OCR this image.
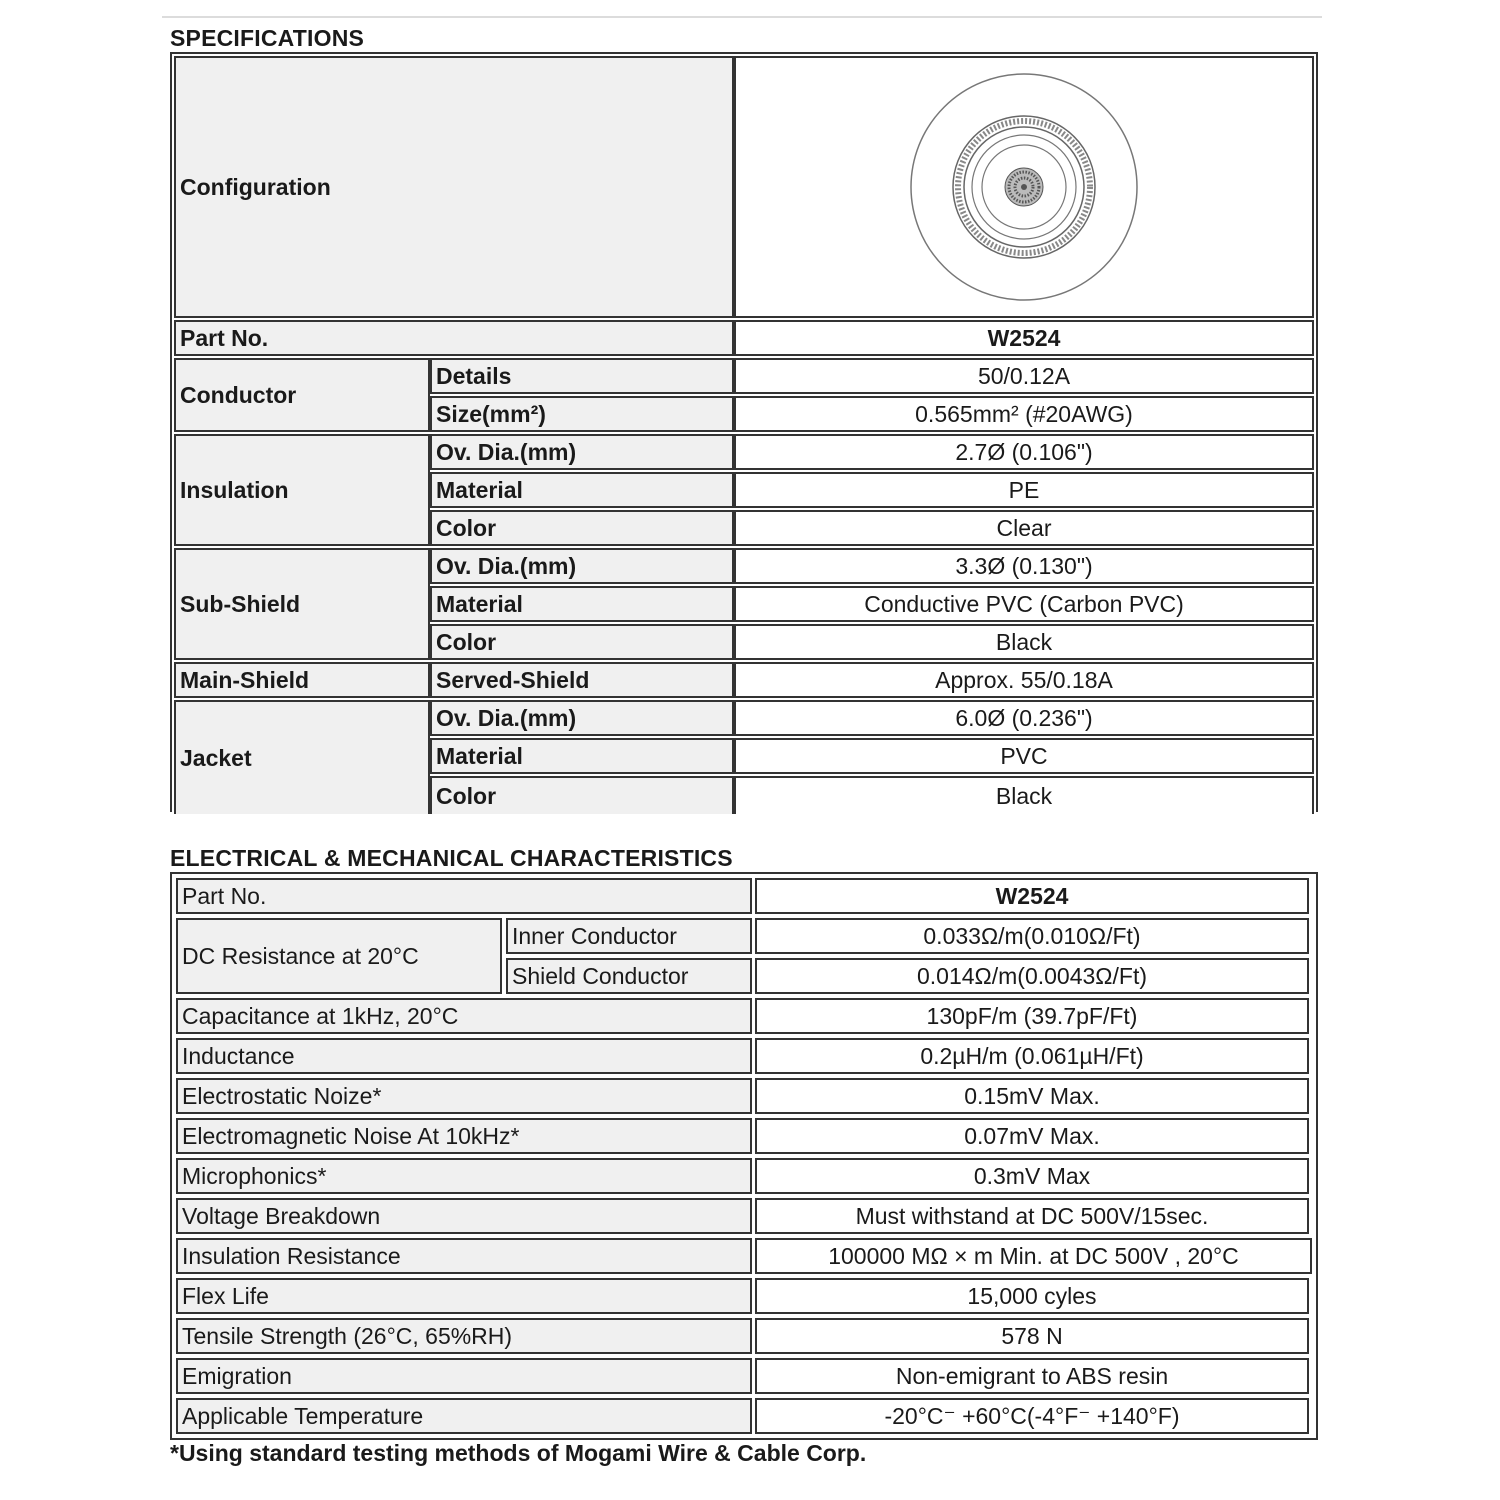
SPECIFICATIONS
Configuration
Part No.	W2524
Conductor
Details	50/0.12A
Size(mm²)	0.565mm² (#20AWG)
Insulation
Ov. Dia.(mm)	2.7Ø (0.106")
Material	PE
Color	Clear
Sub-Shield
Ov. Dia.(mm)	3.3Ø (0.130")
Material	Conductive PVC (Carbon PVC)
Color	Black
Main-Shield	Served-Shield	Approx. 55/0.18A
Jacket
Ov. Dia.(mm)	6.0Ø (0.236")
Material	PVC
Color	Black
ELECTRICAL & MECHANICAL CHARACTERISTICS
Part No.	W2524
DC Resistance at 20°C
Inner Conductor	0.033Ω/m(0.010Ω/Ft)
Shield Conductor	0.014Ω/m(0.0043Ω/Ft)
Capacitance at 1kHz, 20°C	130pF/m (39.7pF/Ft)
Inductance	0.2µH/m (0.061µH/Ft)
Electrostatic Noize*	0.15mV Max.
Electromagnetic Noise At 10kHz*	0.07mV Max.
Microphonics*	0.3mV Max
Voltage Breakdown	Must withstand at DC 500V/15sec.
Insulation Resistance	100000 MΩ × m Min. at DC 500V , 20°C
Flex Life	15,000 cyles
Tensile Strength (26°C, 65%RH)	578 N
Emigration	Non-emigrant to ABS resin
Applicable Temperature	-20°C⁻ +60°C(-4°F⁻ +140°F)
*Using standard testing methods of Mogami Wire & Cable Corp.
